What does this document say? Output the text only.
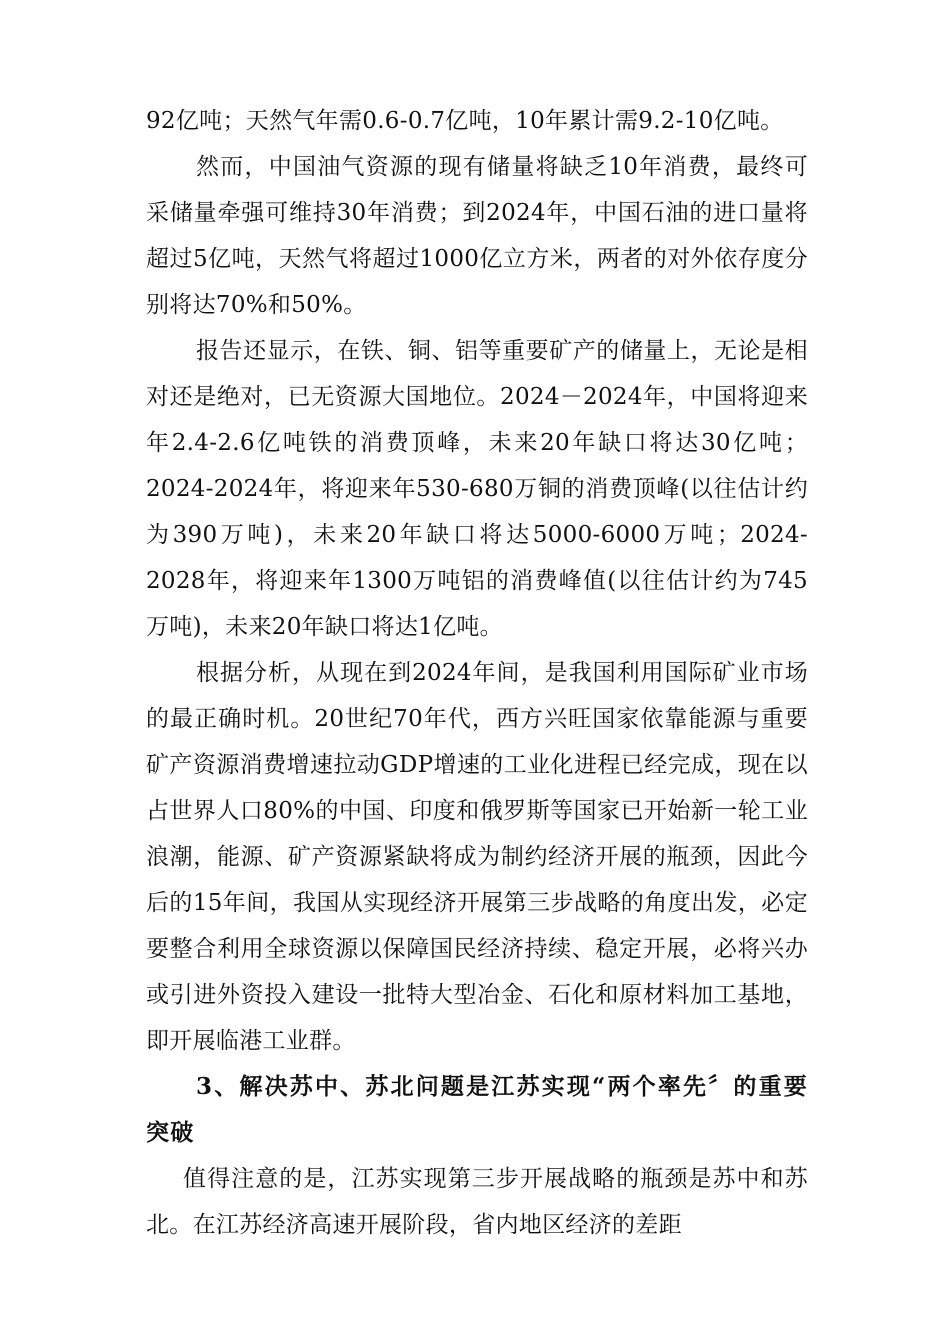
92亿吨；天然气年需0.6-0.7亿吨，10年累计需9.2-10亿吨。

然而，中国油气资源的现有储量将缺乏10年消费，最终可采储量牵强可维持30年消费；到2024年，中国石油的进口量将超过5亿吨，天然气将超过1000亿立方米，两者的对外依存度分别将达70%和50%。

报告还显示，在铁、铜、铝等重要矿产的储量上，无论是相对还是绝对，已无资源大国地位。2024－2024年，中国将迎来年2.4-2.6亿吨铁的消费顶峰，未来20年缺口将达30亿吨；2024-2024年，将迎来年530-680万铜的消费顶峰(以往估计约为390万吨)，未来20年缺口将达5000-6000万吨；2024-2028年，将迎来年1300万吨铝的消费峰值(以往估计约为745万吨)，未来20年缺口将达1亿吨。

根据分析，从现在到2024年间，是我国利用国际矿业市场的最正确时机。20世纪70年代，西方兴旺国家依靠能源与重要矿产资源消费增速拉动GDP增速的工业化进程已经完成，现在以占世界人口80%的中国、印度和俄罗斯等国家已开始新一轮工业浪潮，能源、矿产资源紧缺将成为制约经济开展的瓶颈，因此今后的15年间，我国从实现经济开展第三步战略的角度出发，必定要整合利用全球资源以保障国民经济持续、稳定开展，必将兴办或引进外资投入建设一批特大型冶金、石化和原材料加工基地，即开展临港工业群。

3、解决苏中、苏北问题是江苏实现“两个率先〞的重要突破

值得注意的是，江苏实现第三步开展战略的瓶颈是苏中和苏北。在江苏经济高速开展阶段，省内地区经济的差距
